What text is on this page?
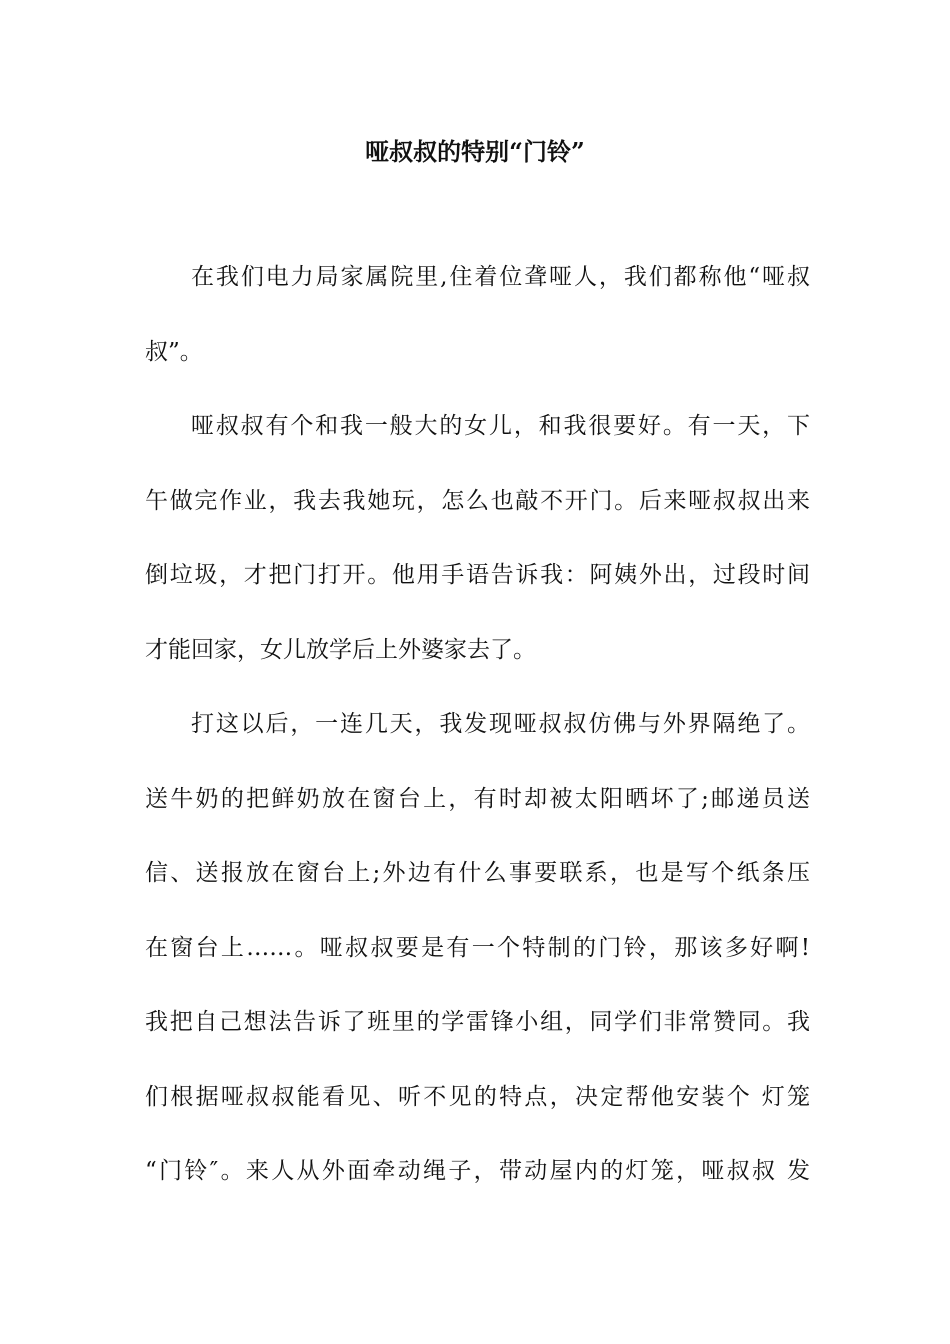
哑叔叔的特别“门铃”
在我们电力局家属院里,住着位聋哑人，我们都称他“哑叔
叔”。
哑叔叔有个和我一般大的女儿，和我很要好。有一天，下
午做完作业，我去我她玩，怎么也敲不开门。后来哑叔叔出来
倒垃圾，才把门打开。他用手语告诉我：阿姨外出，过段时间
才能回家，女儿放学后上外婆家去了。
打这以后，一连几天，我发现哑叔叔仿佛与外界隔绝了。
送牛奶的把鲜奶放在窗台上，有时却被太阳晒坏了;邮递员送
信、送报放在窗台上;外边有什么事要联系，也是写个纸条压
在窗台上……。哑叔叔要是有一个特制的门铃，那该多好啊!
我把自己想法告诉了班里的学雷锋小组，同学们非常赞同。我
们根据哑叔叔能看见、听不见的特点，决定帮他安装个 灯笼
“门铃″。来人从外面牵动绳子，带动屋内的灯笼，哑叔叔 发
